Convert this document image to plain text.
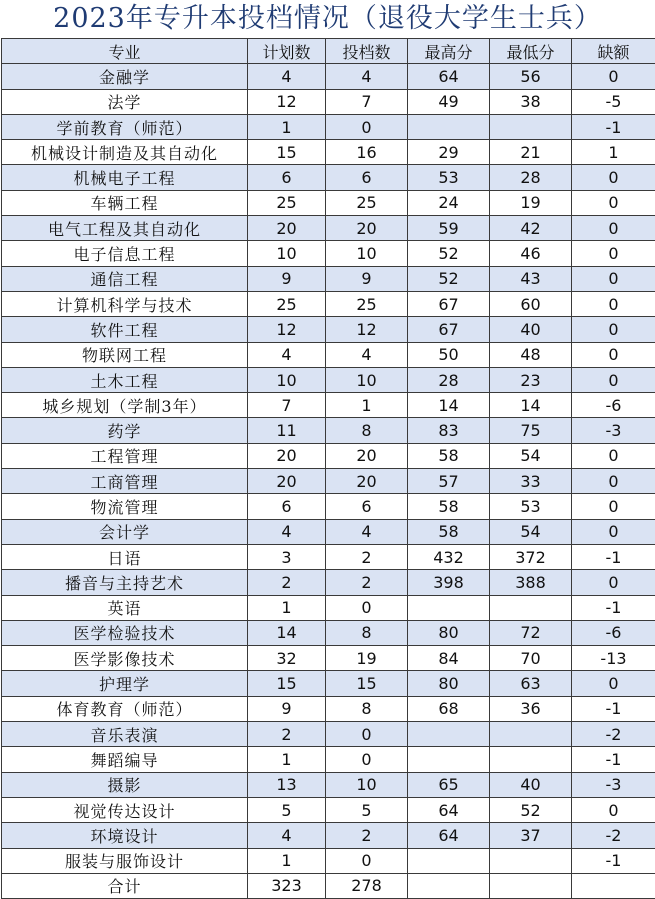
2023年专升本投档情况（退役大学生士兵）
专业	计划数	投档数	最高分	最低分	缺额
金融学	4	4	64	56	0
法学	12	7	49	38	-5
学前教育（师范）	1	0			-1
机械设计制造及其自动化	15	16	29	21	1
机械电子工程	6	6	53	28	0
车辆工程	25	25	24	19	0
电气工程及其自动化	20	20	59	42	0
电子信息工程	10	10	52	46	0
通信工程	9	9	52	43	0
计算机科学与技术	25	25	67	60	0
软件工程	12	12	67	40	0
物联网工程	4	4	50	48	0
土木工程	10	10	28	23	0
城乡规划（学制3年）	7	1	14	14	-6
药学	11	8	83	75	-3
工程管理	20	20	58	54	0
工商管理	20	20	57	33	0
物流管理	6	6	58	53	0
会计学	4	4	58	54	0
日语	3	2	432	372	-1
播音与主持艺术	2	2	398	388	0
英语	1	0			-1
医学检验技术	14	8	80	72	-6
医学影像技术	32	19	84	70	-13
护理学	15	15	80	63	0
体育教育（师范）	9	8	68	36	-1
音乐表演	2	0			-2
舞蹈编导	1	0			-1
摄影	13	10	65	40	-3
视觉传达设计	5	5	64	52	0
环境设计	4	2	64	37	-2
服装与服饰设计	1	0			-1
合计	323	278			
